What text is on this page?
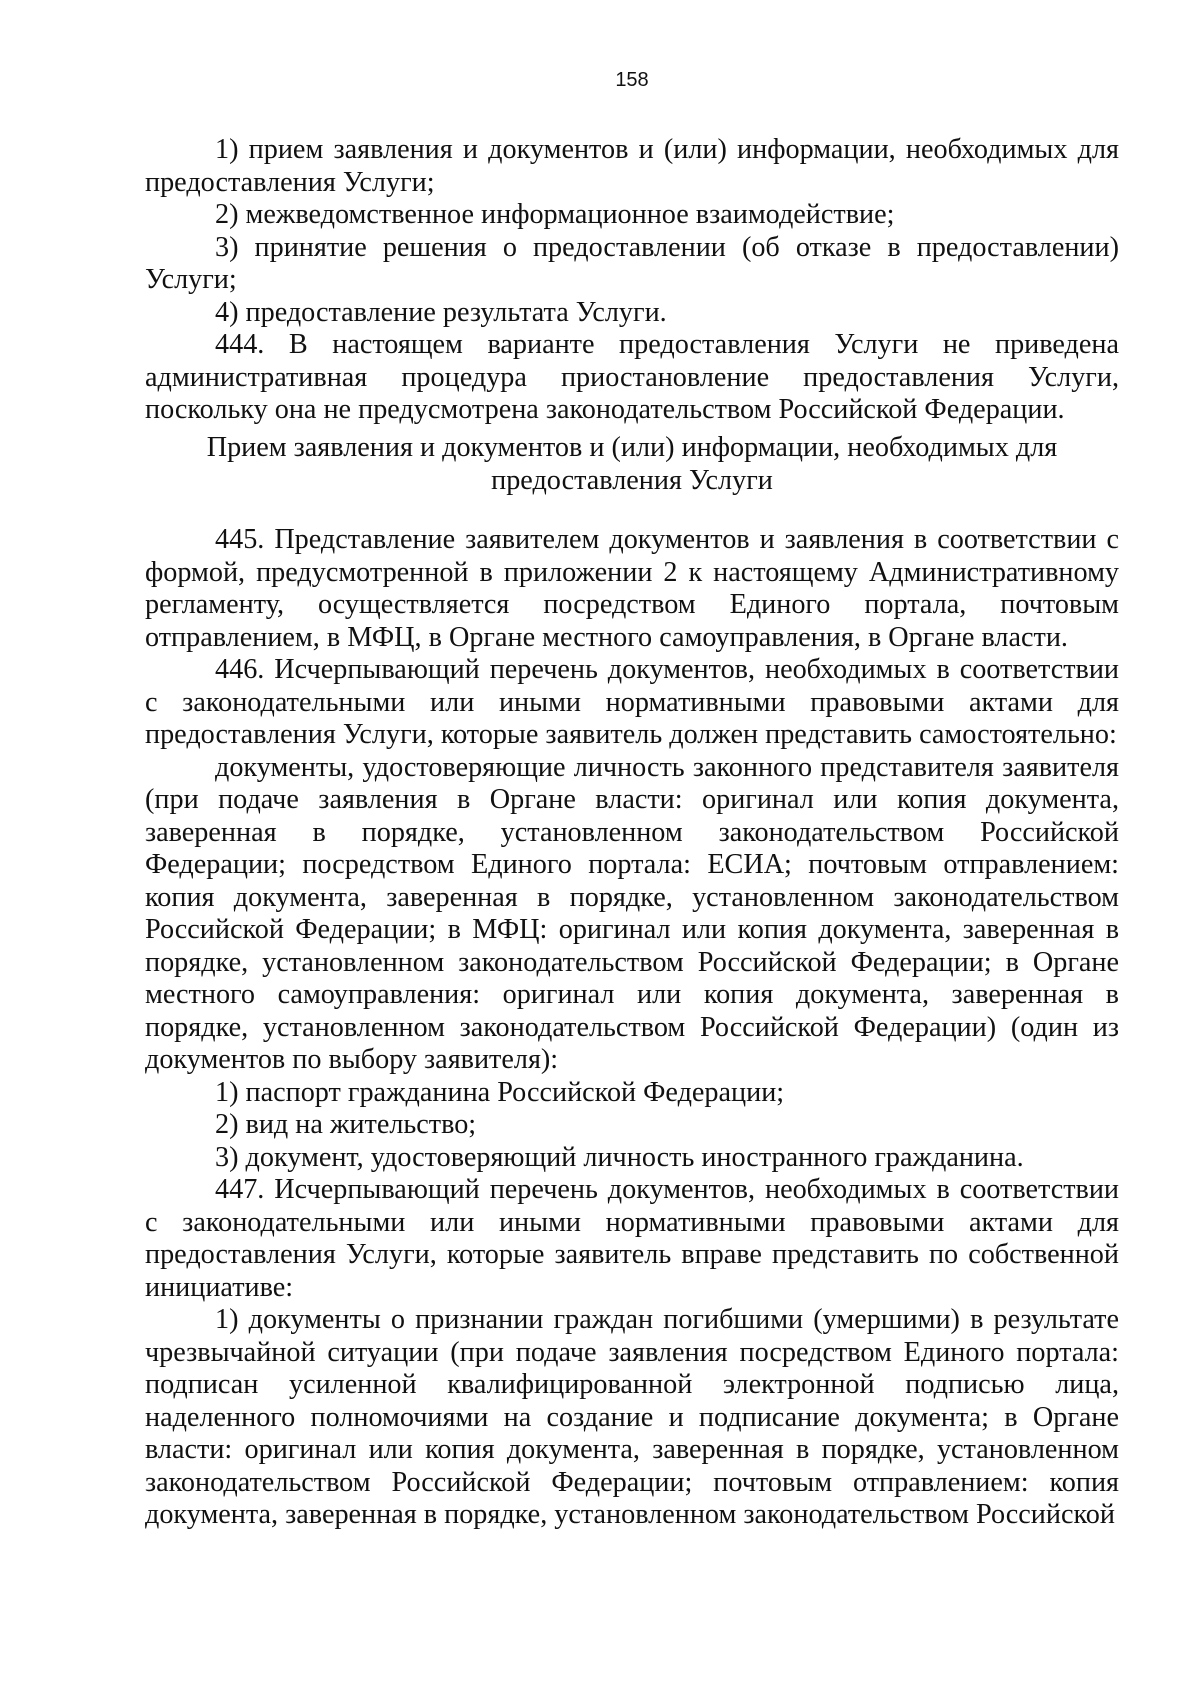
158

1) прием заявления и документов и (или) информации, необходимых для предоставления Услуги;

2) межведомственное информационное взаимодействие;

3) принятие решения о предоставлении (об отказе в предоставлении) Услуги;

4) предоставление результата Услуги.

444. В настоящем варианте предоставления Услуги не приведена административная процедура приостановление предоставления Услуги, поскольку она не предусмотрена законодательством Российской Федерации.

Прием заявления и документов и (или) информации, необходимых для

предоставления Услуги

445. Представление заявителем документов и заявления в соответствии с формой, предусмотренной в приложении 2 к настоящему Административному регламенту, осуществляется посредством Единого портала, почтовым отправлением, в МФЦ, в Органе местного самоуправления, в Органе власти.

446. Исчерпывающий перечень документов, необходимых в соответствии с законодательными или иными нормативными правовыми актами для предоставления Услуги, которые заявитель должен представить самостоятельно:

документы, удостоверяющие личность законного представителя заявителя (при подаче заявления в Органе власти: оригинал или копия документа, заверенная в порядке, установленном законодательством Российской Федерации; посредством Единого портала: ЕСИА; почтовым отправлением: копия документа, заверенная в порядке, установленном законодательством Российской Федерации; в МФЦ: оригинал или копия документа, заверенная в порядке, установленном законодательством Российской Федерации; в Органе местного самоуправления: оригинал или копия документа, заверенная в порядке, установленном законодательством Российской Федерации) (один из документов по выбору заявителя):

1) паспорт гражданина Российской Федерации;

2) вид на жительство;

3) документ, удостоверяющий личность иностранного гражданина.

447. Исчерпывающий перечень документов, необходимых в соответствии с законодательными или иными нормативными правовыми актами для предоставления Услуги, которые заявитель вправе представить по собственной инициативе:

1) документы о признании граждан погибшими (умершими) в результате чрезвычайной ситуации (при подаче заявления посредством Единого портала: подписан усиленной квалифицированной электронной подписью лица, наделенного полномочиями на создание и подписание документа; в Органе власти: оригинал или копия документа, заверенная в порядке, установленном законодательством Российской Федерации; почтовым отправлением: копия документа, заверенная в порядке, установленном законодательством Российской
